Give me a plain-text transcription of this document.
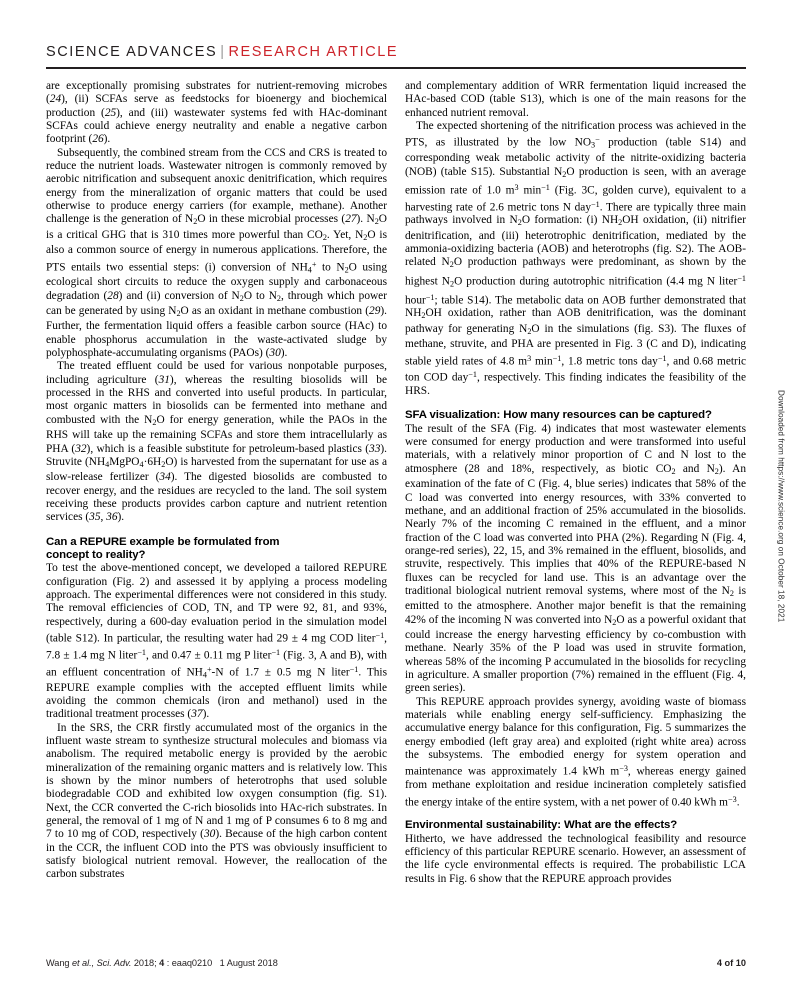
SCIENCE ADVANCES | RESEARCH ARTICLE

are exceptionally promising substrates for nutrient-removing microbes (24), (ii) SCFAs serve as feedstocks for bioenergy and biochemical production (25), and (iii) wastewater systems fed with HAc-dominant SCFAs could achieve energy neutrality and enable a negative carbon footprint (26).

Subsequently, the combined stream from the CCS and CRS is treated to reduce the nutrient loads. Wastewater nitrogen is commonly removed by aerobic nitrification and subsequent anoxic denitrification, which requires energy from the mineralization of organic matters that could be used otherwise to produce energy carriers (for example, methane). Another challenge is the generation of $N_2O$ in these microbial processes (27). $N_2O$ is a critical GHG that is 310 times more powerful than $CO_2$. Yet, $N_2O$ is also a common source of energy in numerous applications. Therefore, the PTS entails two essential steps: (i) conversion of $NH_4^+$ to $N_2O$ using ecological short circuits to reduce the oxygen supply and carbonaceous degradation (28) and (ii) conversion of $N_2O$ to $N_2$, through which power can be generated by using $N_2O$ as an oxidant in methane combustion (29). Further, the fermentation liquid offers a feasible carbon source (HAc) to enable phosphorus accumulation in the waste-activated sludge by polyphosphate-accumulating organisms (PAOs) (30).

The treated effluent could be used for various nonpotable purposes, including agriculture (31), whereas the resulting biosolids will be processed in the RHS and converted into useful products. In particular, most organic matters in biosolids can be fermented into methane and combusted with the $N_2O$ for energy generation, while the PAOs in the RHS will take up the remaining SCFAs and store them intracellularly as PHA (32), which is a feasible substitute for petroleum-based plastics (33). Struvite $(NH_4MgPO_4\cdot 6H_2O)$ is harvested from the supernatant for use as a slow-release fertilizer (34). The digested biosolids are combusted to recover energy, and the residues are recycled to the land. The soil system receiving these products provides carbon capture and nutrient retention services (35, 36).

Can a REPURE example be formulated from
concept to reality?

To test the above-mentioned concept, we developed a tailored REPURE configuration (Fig. 2) and assessed it by applying a process modeling approach. The experimental differences were not considered in this study. The removal efficiencies of COD, TN, and TP were 92, 81, and 93%, respectively, during a 600-day evaluation period in the simulation model (table S12). In particular, the resulting water had 29 ± 4 mg COD liter$^{-1}$, 7.8 ± 1.4 mg N liter$^{-1}$, and 0.47 ± 0.11 mg P liter$^{-1}$ (Fig. 3, A and B), with an effluent concentration of $NH_4^+-N$ of 1.7 ± 0.5 mg N liter$^{-1}$. This REPURE example complies with the accepted effluent limits while avoiding the common chemicals (iron and methanol) used in the traditional treatment processes (37).

In the SRS, the CRR firstly accumulated most of the organics in the influent waste stream to synthesize structural molecules and biomass via anabolism. The required metabolic energy is provided by the aerobic mineralization of the remaining organic matters and is relatively low. This is shown by the minor numbers of heterotrophs that used soluble biodegradable COD and exhibited low oxygen consumption (fig. S1). Next, the CCR converted the C-rich biosolids into HAc-rich substrates. In general, the removal of 1 mg of N and 1 mg of P consumes 6 to 8 mg and 7 to 10 mg of COD, respectively (30). Because of the high carbon content in the CCR, the influent COD into the PTS was obviously insufficient to satisfy biological nutrient removal. However, the reallocation of the carbon substrates

and complementary addition of WRR fermentation liquid increased the HAc-based COD (table S13), which is one of the main reasons for the enhanced nutrient removal.

The expected shortening of the nitrification process was achieved in the PTS, as illustrated by the low $NO_3^-$ production (table S14) and corresponding weak metabolic activity of the nitrite-oxidizing bacteria (NOB) (table S15). Substantial $N_2O$ production is seen, with an average emission rate of 1.0 $m^3$ $\min^{-1} (Fig$. 3C, golden curve), equivalent to a harvesting rate of 2.6 metric tons N day$^{-1}$. There are typically three main pathways involved in $N_2O$ formation: (i) $NH_2OH$ oxidation, (ii) nitrifier denitrification, and (iii) heterotrophic denitrification, mediated by the ammonia-oxidizing bacteria (AOB) and heterotrophs (fig. S2). The AOB-related $N_2O$ production pathways were predominant, as shown by the highest $N_2O$ production during autotrophic nitrification (4.4 mg N liter$^{-1}$ hour$^{-1}$; table S14). The metabolic data on AOB further demonstrated that $NH_2OH$ oxidation, rather than AOB denitrification, was the dominant pathway for generating $N_2O$ in the simulations (fig. S3). The fluxes of methane, struvite, and PHA are presented in Fig. 3 (C and D), indicating stable yield rates of 4.8 $m^3$ $\min^{-1}$, 1.8 metric tons day$^{-1}$, and 0.68 metric ton COD day$^{-1}$, respectively. This finding indicates the feasibility of the HRS.

SFA visualization: How many resources can be captured?

The result of the SFA (Fig. 4) indicates that most wastewater elements were consumed for energy production and were transformed into useful materials, with a relatively minor proportion of C and N lost to the atmosphere (28 and 18%, respectively, as biotic $CO_2$ and $N_2$). An examination of the fate of C (Fig. 4, blue series) indicates that 58% of the C load was converted into energy resources, with 33% converted to methane, and an additional fraction of 25% accumulated in the biosolids. Nearly 7% of the incoming C remained in the effluent, and a minor fraction of the C load was converted into PHA (2%). Regarding N (Fig. 4, orange-red series), 22, 15, and 3% remained in the effluent, biosolids, and struvite, respectively. This implies that 40% of the REPURE-based N fluxes can be recycled for land use. This is an advantage over the traditional biological nutrient removal systems, where most of the $N_2$ is emitted to the atmosphere. Another major benefit is that the remaining 42% of the incoming N was converted into $N_2O$ as a powerful oxidant that could increase the energy harvesting efficiency by co-combustion with methane. Nearly 35% of the P load was used in struvite formation, whereas 58% of the incoming P accumulated in the biosolids for recycling in agriculture. A smaller proportion (7%) remained in the effluent (Fig. 4, green series).

This REPURE approach provides synergy, avoiding waste of biomass materials while enabling energy self-sufficiency. Emphasizing the accumulative energy balance for this configuration, Fig. 5 summarizes the energy embodied (left gray area) and exploited (right white area) across the subsystems. The embodied energy for system operation and maintenance was approximately 1.4 kWh $m^{-3}$, whereas energy gained from methane exploitation and residue incineration completely satisfied the energy intake of the entire system, with a net power of 0.40 kWh $m^{-3}$.

Environmental sustainability: What are the effects?

Hitherto, we have addressed the technological feasibility and resource efficiency of this particular REPURE scenario. However, an assessment of the life cycle environmental effects is required. The probabilistic LCA results in Fig. 6 show that the REPURE approach provides

Wang et al., Sci. Adv. 2018; 4 : eaaq0210   1 August 2018	4 of 10
Downloaded from https://www.science.org on October 18, 2021
